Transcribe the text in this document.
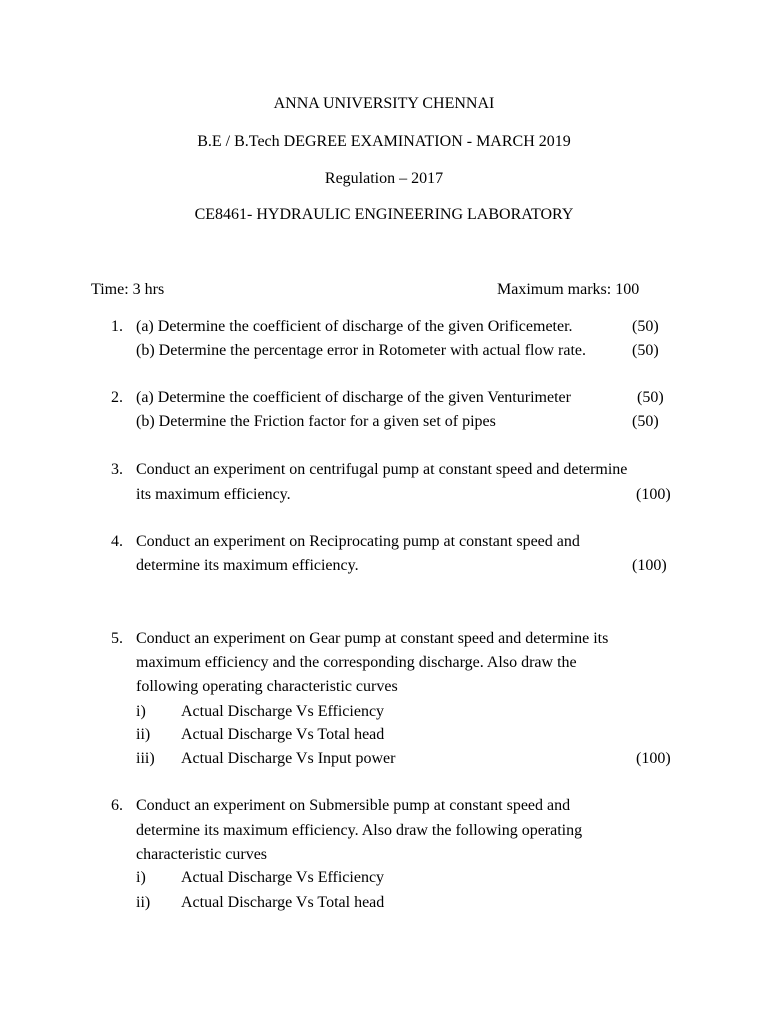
ANNA UNIVERSITY CHENNAI
B.E / B.Tech DEGREE EXAMINATION - MARCH 2019
Regulation – 2017
CE8461- HYDRAULIC ENGINEERING LABORATORY
Time: 3 hrs	Maximum marks: 100
1. (a) Determine the coefficient of discharge of the given Orificemeter.	(50)
(b) Determine the percentage error in Rotometer with actual flow rate.	(50)
2. (a) Determine the coefficient of discharge of the given Venturimeter	(50)
(b) Determine the Friction factor for a given set of pipes	(50)
3. Conduct an experiment on centrifugal pump at constant speed and determine
its maximum efficiency.	(100)
4. Conduct an experiment on Reciprocating pump at constant speed and
determine its maximum efficiency.	(100)
5. Conduct an experiment on Gear pump at constant speed and determine its
maximum efficiency and the corresponding discharge. Also draw the
following operating characteristic curves
i) Actual Discharge Vs Efficiency
ii) Actual Discharge Vs Total head
iii) Actual Discharge Vs Input power	(100)
6. Conduct an experiment on Submersible pump at constant speed and
determine its maximum efficiency. Also draw the following operating
characteristic curves
i) Actual Discharge Vs Efficiency
ii) Actual Discharge Vs Total head
